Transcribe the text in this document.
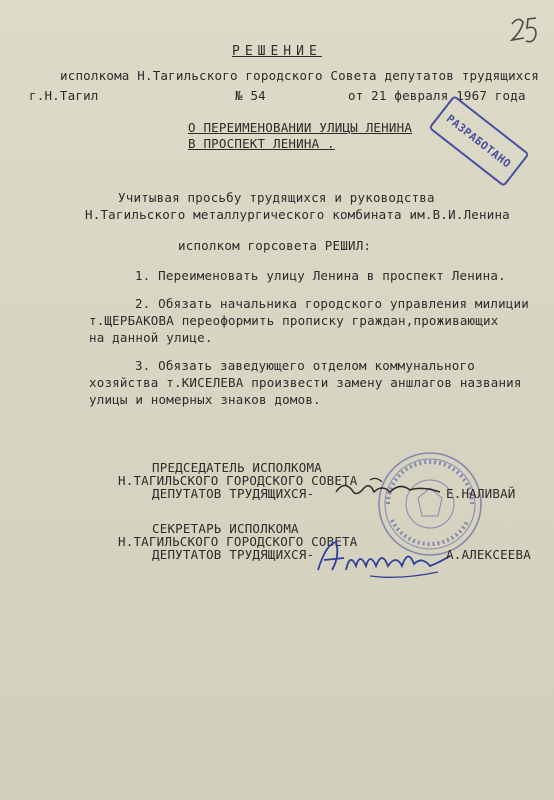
РЕШЕНИЕ
исполкома Н.Тагильского городского Совета депутатов трудящихся
г.Н.Тагил	№ 54	от 21 февраля 1967 года
О ПЕРЕИМЕНОВАНИИ УЛИЦЫ ЛЕНИНА
В ПРОСПЕКТ ЛЕНИНА .	РАЗРАБОТАНО
Учитывая просьбу трудящихся и руководства
Н.Тагильского металлургического комбината им.В.И.Ленина
исполком горсовета РЕШИЛ:
1. Переименовать улицу Ленина в проспект Ленина.
2. Обязать начальника городского управления милиции
т.ЩЕРБАКОВА переоформить прописку граждан,проживающих
на данной улице.
3. Обязать заведующего отделом коммунального
хозяйства т.КИСЕЛЕВА произвести замену аншлагов названия
улицы и номерных знаков домов.
ПРЕДСЕДАТЕЛЬ ИСПОЛКОМА
Н.ТАГИЛЬСКОГО ГОРОДСКОГО СОВЕТА
ДЕПУТАТОВ ТРУДЯЩИХСЯ-	Е.НАЛИВАЙ
СЕКРЕТАРЬ ИСПОЛКОМА
Н.ТАГИЛЬСКОГО ГОРОДСКОГО СОВЕТА
ДЕПУТАТОВ ТРУДЯЩИХСЯ-	А.АЛЕКСЕЕВА
